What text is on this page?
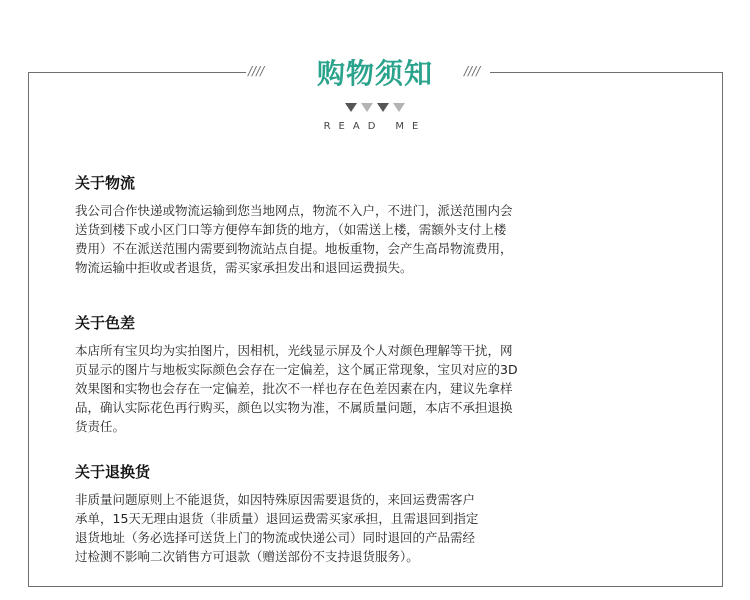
////	////
购物须知
READ ME
关于物流
我公司合作快递或物流运输到您当地网点，物流不入户，不进门，派送范围内会
送货到楼下或小区门口等方便停车卸货的地方，（如需送上楼，需额外支付上楼
费用）不在派送范围内需要到物流站点自提。地板重物，会产生高昂物流费用，
物流运输中拒收或者退货，需买家承担发出和退回运费损失。
关于色差
本店所有宝贝均为实拍图片，因相机，光线显示屏及个人对颜色理解等干扰，网
页显示的图片与地板实际颜色会存在一定偏差，这个属正常现象，宝贝对应的3D
效果图和实物也会存在一定偏差，批次不一样也存在色差因素在内，建议先拿样
品，确认实际花色再行购买，颜色以实物为准，不属质量问题，本店不承担退换
货责任。
关于退换货
非质量问题原则上不能退货，如因特殊原因需要退货的，来回运费需客户
承单，15天无理由退货（非质量）退回运费需买家承担，且需退回到指定
退货地址（务必选择可送货上门的物流或快递公司）同时退回的产品需经
过检测不影响二次销售方可退款（赠送部份不支持退货服务）。
